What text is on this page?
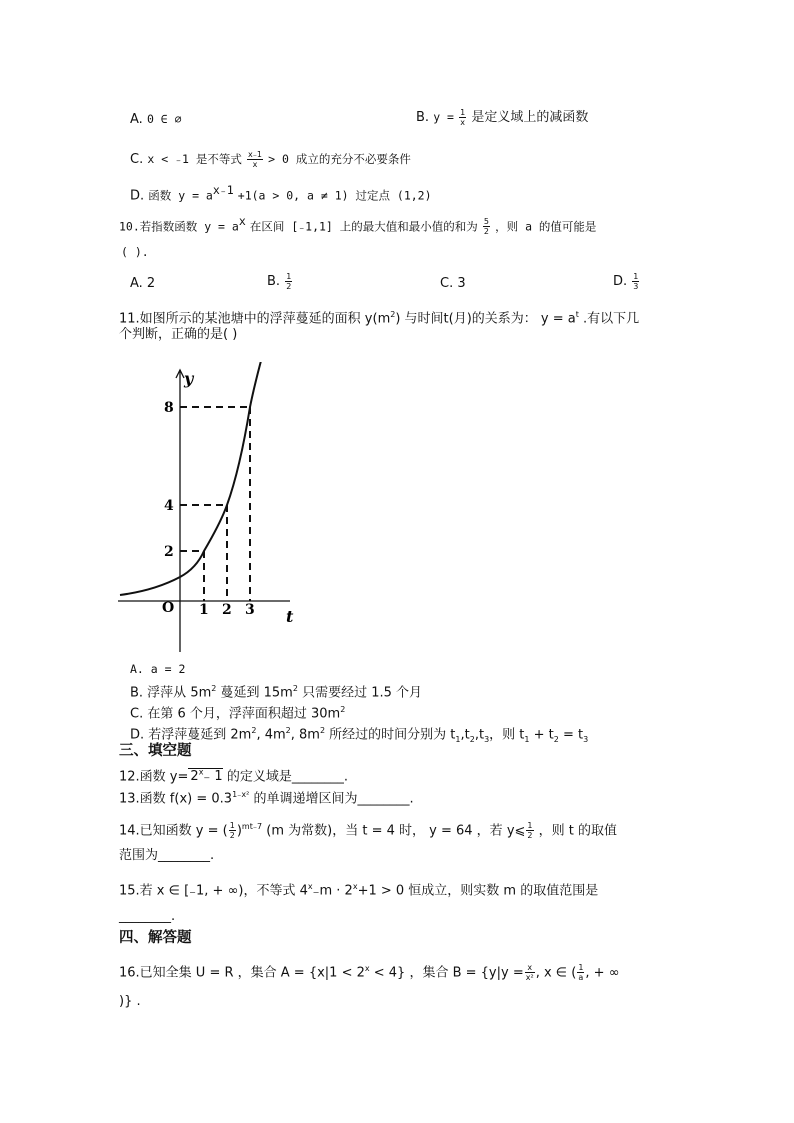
A. 0 ∈ ∅	B. $y = \frac{1}{x}$ 是定义域上的减函数
C. x < ₋1 是不等式 $\frac{x_-1}{x} > 0$ 成立的充分不必要条件
D. 函数 $y = a^{x_-1} +1(a > 0$, a ≠ 1) 过定点 (1,2)
10.若指数函数 $y = a^x$ 在区间 [₋1,1] 上的最大值和最小值的和为 $\frac{5}{2}$ ，则 a 的值可能是
( ).
A. 2	B. $\frac{1}{2}$	C. 3	D. $\frac{1}{3}$
11.如图所示的某池塘中的浮萍蔓延的面积 $y(m^2)$ 与时间t(月)的关系为： $y = a^t$ .有以下几
个判断，正确的是( )
y
t
O
2
4
8
1 2 3
A. a = 2
B. 浮萍从 $5m^2$ 蔓延到 $15m^2$ 只需要经过 1.5 个月
C. 在第 6 个月，浮萍面积超过 $30m^2$
D. 若浮萍蔓延到 $2m^2$, $4m^2$, $8m^2$ 所经过的时间分别为 $t_1,t_2,t_3$，则 $t_1 + t_2 = t_3$
三、填空题
12.函数 $y= 2^x_-$ 1 的定义域是________.
13.函数 $f(x) = 0.3^{1_-x^2}$ 的单调递增区间为________.
14.已知函数 y = ( $\frac{1}{2} )^{mt_-7}$ (m 为常数)，当 t = 4 时， y = 64 ，若 y⩽ $\frac{1}{2}$ ，则 t 的取值
范围为________.
15.若 x ∈ [₋1, + ∞)，不等式 $4^x_-m \cdot 2^x+1 > 0$ 恒成立，则实数 m 的取值范围是
________.
四、解答题
16.已知全集 U = R ，集合 $A = \{x|1 < 2^x < 4\}$ ，集合 $B = \{y|y = \frac{x}{\text{x²}}$ , x ∈ ( $\frac{1}{a}$ , + ∞
)} .
